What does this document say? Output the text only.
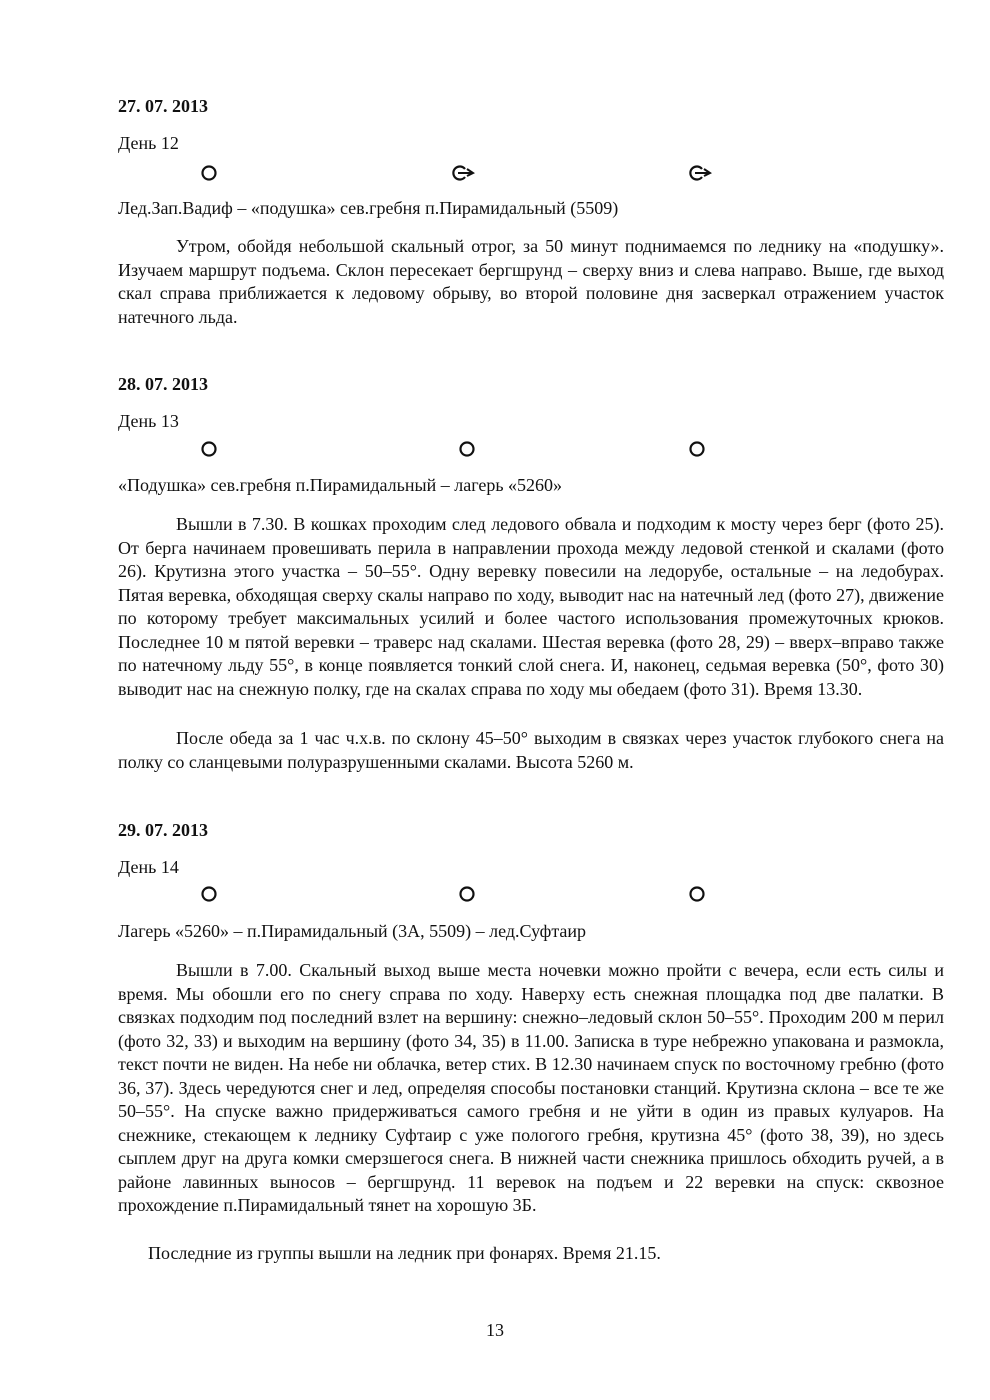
27. 07. 2013
День 12
Лед.Зап.Вадиф – «подушка» сев.гребня п.Пирамидальный (5509)

Утром, обойдя небольшой скальный отрог, за 50 минут поднимаемся по леднику на «подушку». Изучаем маршрут подъема. Склон пересекает бергшрунд – сверху вниз и слева направо. Выше, где выход скал справа приближается к ледовому обрыву, во второй половине дня засверкал отражением участок натечного льда.

28. 07. 2013
День 13
«Подушка» сев.гребня п.Пирамидальный – лагерь «5260»

Вышли в 7.30. В кошках проходим след ледового обвала и подходим к мосту через берг (фото 25). От берга начинаем провешивать перила в направлении прохода между ледовой стенкой и скалами (фото 26). Крутизна этого участка – 50–55°. Одну веревку повесили на ледорубе, остальные – на ледобурах. Пятая веревка, обходящая сверху скалы направо по ходу, выводит нас на натечный лед (фото 27), движение по которому требует максимальных усилий и более частого использования промежуточных крюков. Последнее 10 м пятой веревки – траверс над скалами. Шестая веревка (фото 28, 29) – вверх–вправо также по натечному льду 55°, в конце появляется тонкий слой снега. И, наконец, седьмая веревка (50°, фото 30) выводит нас на снежную полку, где на скалах справа по ходу мы обедаем (фото 31). Время 13.30.

После обеда за 1 час ч.х.в. по склону 45–50° выходим в связках через участок глубокого снега на полку со сланцевыми полуразрушенными скалами. Высота 5260 м.

29. 07. 2013
День 14
Лагерь «5260» – п.Пирамидальный (3А, 5509) – лед.Суфтаир

Вышли в 7.00. Скальный выход выше места ночевки можно пройти с вечера, если есть силы и время. Мы обошли его по снегу справа по ходу. Наверху есть снежная площадка под две палатки. В связках подходим под последний взлет на вершину: снежно–ледовый склон 50–55°. Проходим 200 м перил (фото 32, 33) и выходим на вершину (фото 34, 35) в 11.00. Записка в туре небрежно упакована и размокла, текст почти не виден. На небе ни облачка, ветер стих. В 12.30 начинаем спуск по восточному гребню (фото 36, 37). Здесь чередуются снег и лед, определяя способы постановки станций. Крутизна склона – все те же 50–55°. На спуске важно придерживаться самого гребня и не уйти в один из правых кулуаров. На снежнике, стекающем к леднику Суфтаир с уже пологого гребня, крутизна 45° (фото 38, 39), но здесь сыплем друг на друга комки смерзшегося снега. В нижней части снежника пришлось обходить ручей, а в районе лавинных выносов – бергшрунд. 11 веревок на подъем и 22 веревки на спуск: сквозное прохождение п.Пирамидальный тянет на хорошую 3Б.

Последние из группы вышли на ледник при фонарях. Время 21.15.

13
